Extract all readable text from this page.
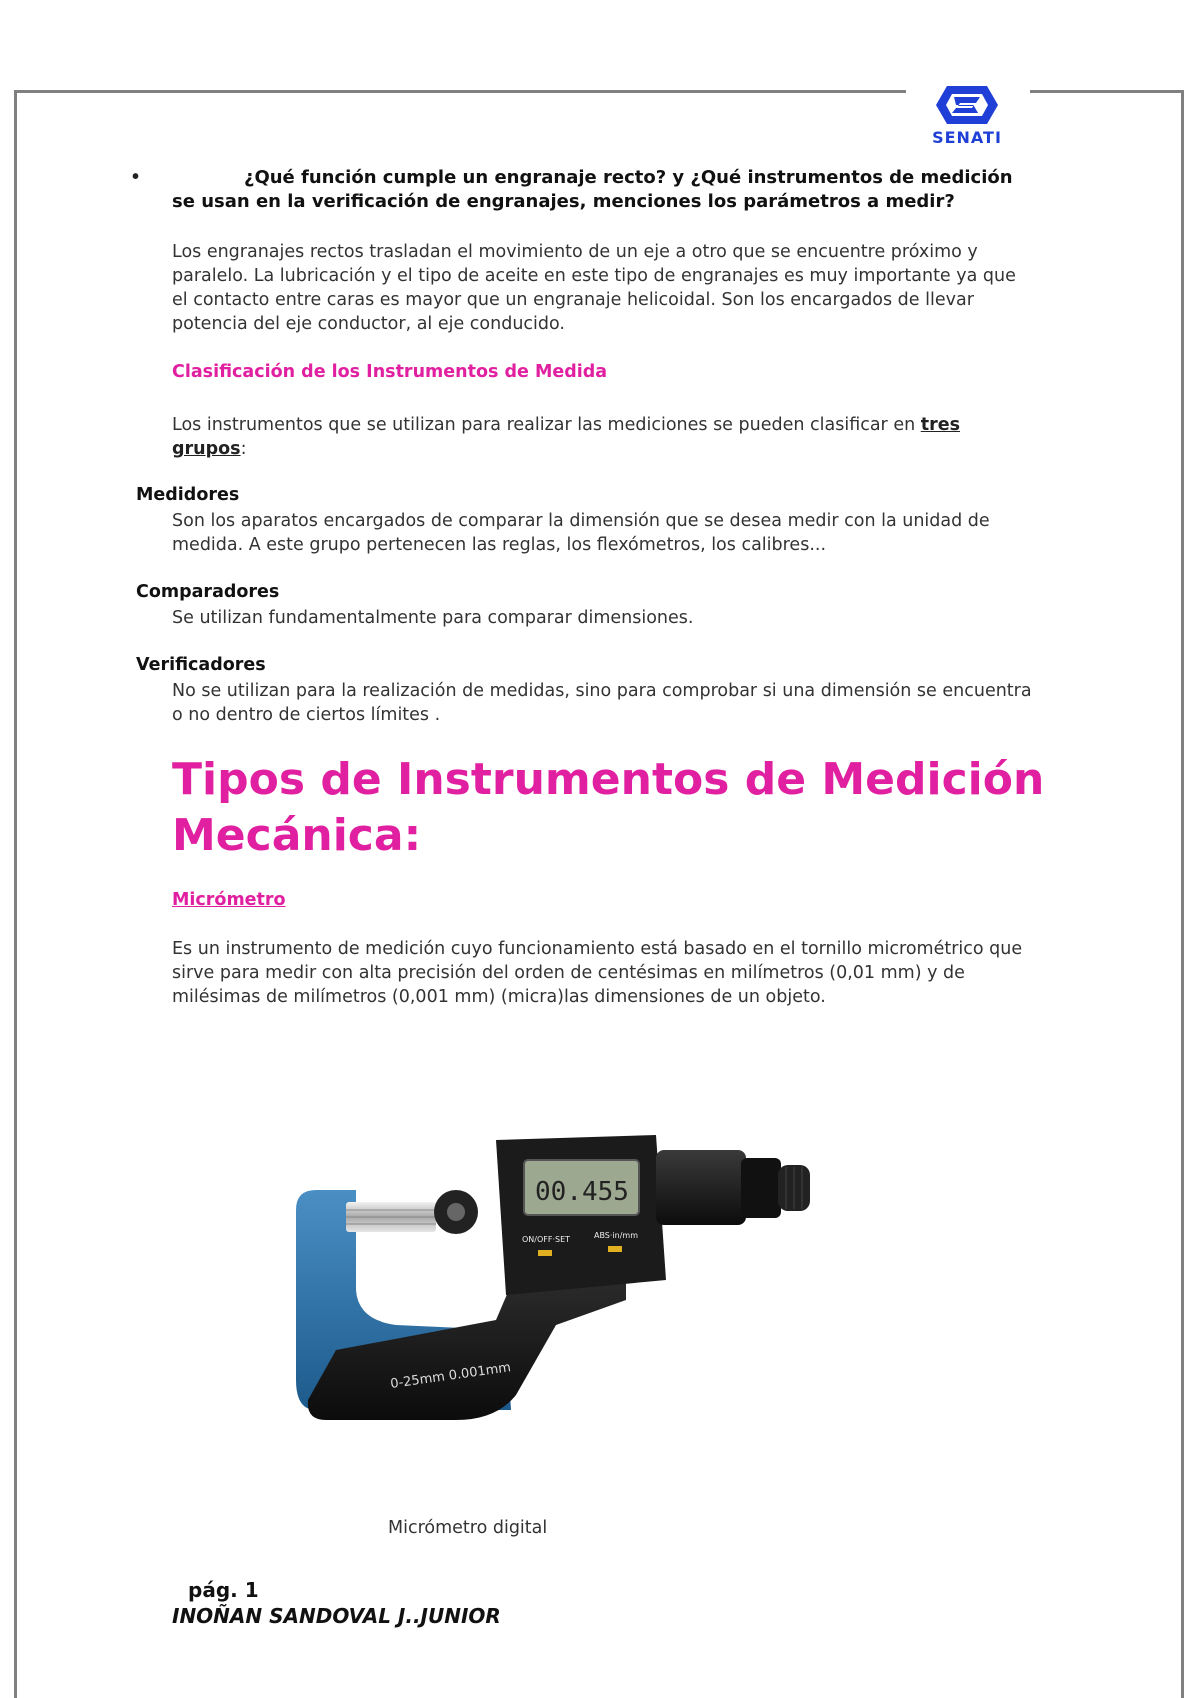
SENATI
•	¿Qué función cumple un engranaje recto? y ¿Qué instrumentos de medición
se usan en la verificación de engranajes, menciones los parámetros a medir?
Los engranajes rectos trasladan el movimiento de un eje a otro que se encuentre próximo y paralelo. La lubricación y el tipo de aceite en este tipo de engranajes es muy importante ya que el contacto entre caras es mayor que un engranaje helicoidal. Son los encargados de llevar potencia del eje conductor, al eje conducido.
Clasificación de los Instrumentos de Medida
Los instrumentos que se utilizan para realizar las mediciones se pueden clasificar en tres grupos:
Medidores
Son los aparatos encargados de comparar la dimensión que se desea medir con la unidad de medida. A este grupo pertenecen las reglas, los flexómetros, los calibres...
Comparadores
Se utilizan fundamentalmente para comparar dimensiones.
Verificadores
No se utilizan para la realización de medidas, sino para comprobar si una dimensión se encuentra o no dentro de ciertos límites .
Tipos de Instrumentos de Medición Mecánica:
Micrómetro
Es un instrumento de medición cuyo funcionamiento está basado en el tornillo micrométrico que sirve para medir con alta precisión del orden de centésimas en milímetros (0,01 mm) y de milésimas de milímetros (0,001 mm) (micra)las dimensiones de un objeto.
00.455
ON/OFF·SET	ABS·in/mm
0-25mm 0.001mm
Micrómetro digital
pág. 1
INOÑAN SANDOVAL J..JUNIOR
